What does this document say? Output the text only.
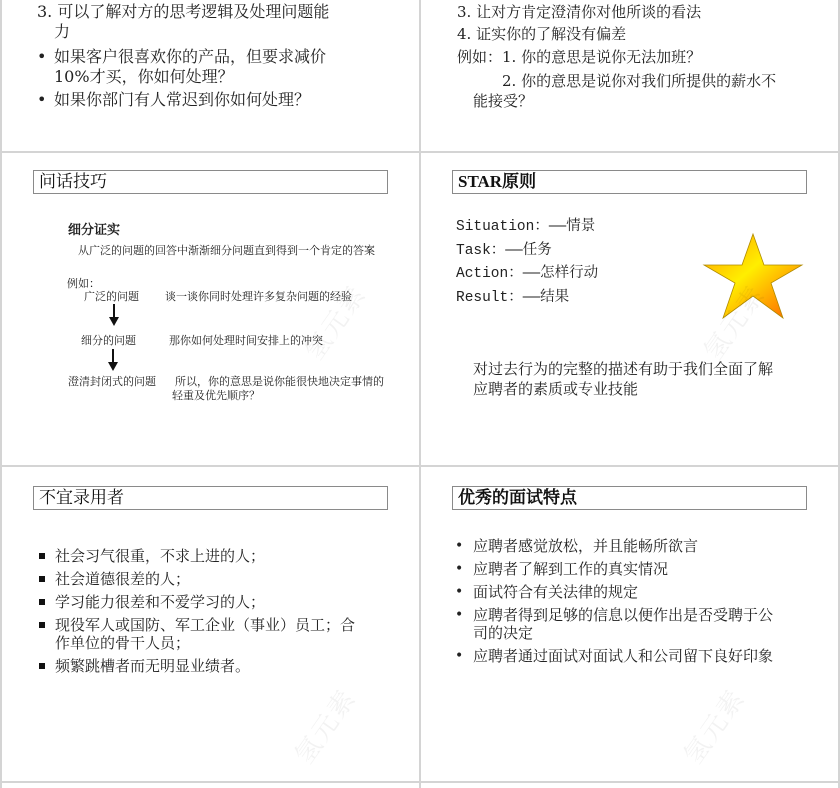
3. 可以了解对方的思考逻辑及处理问题能
力
• 如果客户很喜欢你的产品，但要求减价
10%才买，你如何处理？
• 如果你部门有人常迟到你如何处理？
3. 让对方肯定澄清你对他所谈的看法
4. 证实你的了解没有偏差
例如：1. 你的意思是说你无法加班？
2. 你的意思是说你对我们所提供的薪水不
能接受？
问话技巧
细分证实
从广泛的问题的回答中渐渐细分问题直到得到一个肯定的答案
例如：
广泛的问题 谈一谈你同时处理许多复杂问题的经验
细分的问题	那你如何处理时间安排上的冲突
澄清封闭式的问题 所以，你的意思是说你能很快地决定事情的
轻重及优先顺序？
氢元素
STAR原则
Situation：——情景
Task：——任务
Action：——怎样行动
Result：——结果
对过去行为的完整的描述有助于我们全面了解
应聘者的素质或专业技能
氢元素
不宜录用者
社会习气很重，不求上进的人；
社会道德很差的人；
学习能力很差和不爱学习的人；
现役军人或国防、军工企业（事业）员工；合
作单位的骨干人员；
频繁跳槽者而无明显业绩者。
氢元素
优秀的面试特点
• 应聘者感觉放松，并且能畅所欲言
• 应聘者了解到工作的真实情况
• 面试符合有关法律的规定
• 应聘者得到足够的信息以便作出是否受聘于公
司的决定
• 应聘者通过面试对面试人和公司留下良好印象
氢元素
